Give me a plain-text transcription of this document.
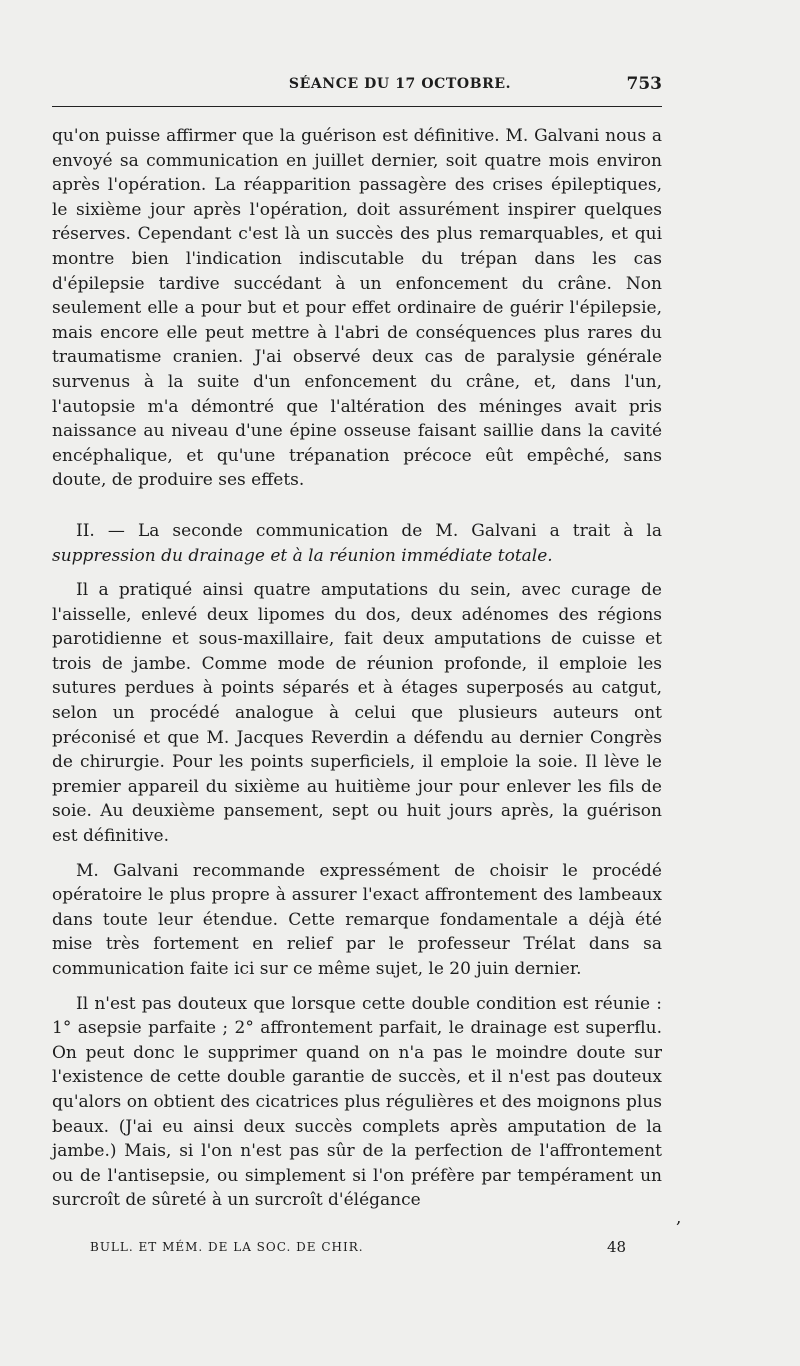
SÉANCE DU 17 OCTOBRE.	753

qu'on puisse affirmer que la guérison est définitive. M. Galvani nous a envoyé sa communication en juillet dernier, soit quatre mois environ après l'opération. La réapparition passagère des crises épileptiques, le sixième jour après l'opération, doit assurément inspirer quelques réserves. Cependant c'est là un succès des plus remarquables, et qui montre bien l'indication indiscutable du trépan dans les cas d'épilepsie tardive succédant à un enfoncement du crâne. Non seulement elle a pour but et pour effet ordinaire de guérir l'épilepsie, mais encore elle peut mettre à l'abri de conséquences plus rares du traumatisme cranien. J'ai observé deux cas de paralysie générale survenus à la suite d'un enfoncement du crâne, et, dans l'un, l'autopsie m'a démontré que l'altération des méninges avait pris naissance au niveau d'une épine osseuse faisant saillie dans la cavité encéphalique, et qu'une trépanation précoce eût empêché, sans doute, de produire ses effets.

II. — La seconde communication de M. Galvani a trait à la suppression du drainage et à la réunion immédiate totale.

Il a pratiqué ainsi quatre amputations du sein, avec curage de l'aisselle, enlevé deux lipomes du dos, deux adénomes des régions parotidienne et sous-maxillaire, fait deux amputations de cuisse et trois de jambe. Comme mode de réunion profonde, il emploie les sutures perdues à points séparés et à étages superposés au catgut, selon un procédé analogue à celui que plusieurs auteurs ont préconisé et que M. Jacques Reverdin a défendu au dernier Congrès de chirurgie. Pour les points superficiels, il emploie la soie. Il lève le premier appareil du sixième au huitième jour pour enlever les fils de soie. Au deuxième pansement, sept ou huit jours après, la guérison est définitive.

M. Galvani recommande expressément de choisir le procédé opératoire le plus propre à assurer l'exact affrontement des lambeaux dans toute leur étendue. Cette remarque fondamentale a déjà été mise très fortement en relief par le professeur Trélat dans sa communication faite ici sur ce même sujet, le 20 juin dernier.

Il n'est pas douteux que lorsque cette double condition est réunie : 1° asepsie parfaite ; 2° affrontement parfait, le drainage est superflu. On peut donc le supprimer quand on n'a pas le moindre doute sur l'existence de cette double garantie de succès, et il n'est pas douteux qu'alors on obtient des cicatrices plus régulières et des moignons plus beaux. (J'ai eu ainsi deux succès complets après amputation de la jambe.) Mais, si l'on n'est pas sûr de la perfection de l'affrontement ou de l'antisepsie, ou simplement si l'on préfère par tempérament un surcroît de sûreté à un surcroît d'élégance

,
BULL. ET MÉM. DE LA SOC. DE CHIR.	48
